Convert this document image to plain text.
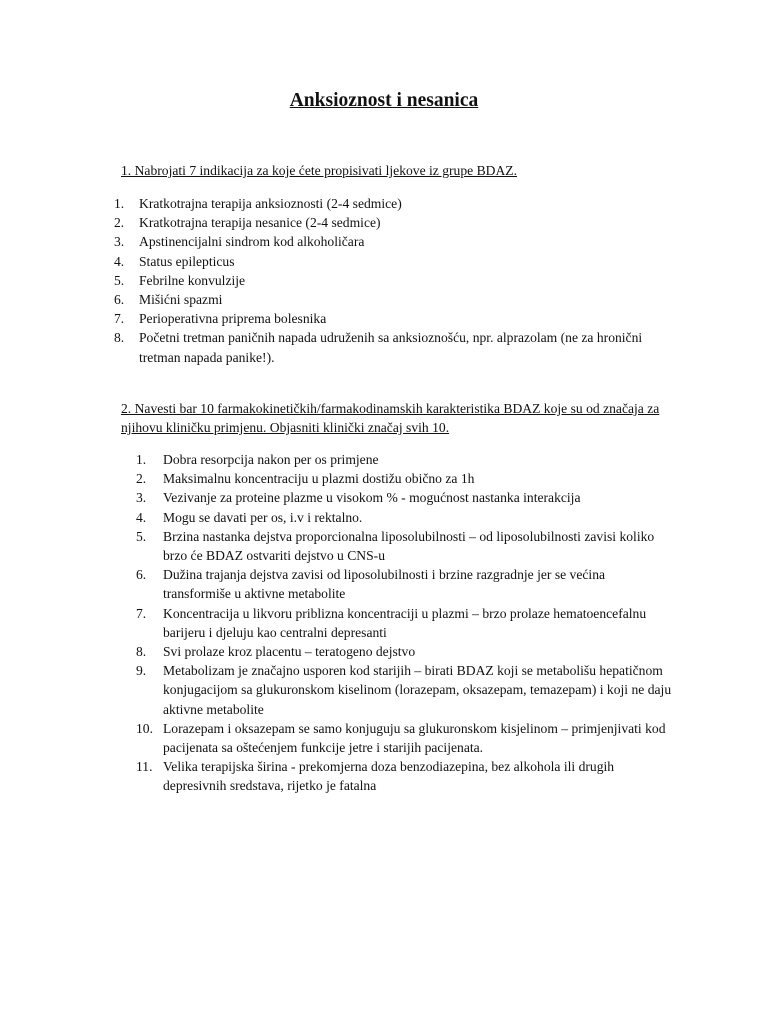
Anksioznost i nesanica

1. Nabrojati 7 indikacija za koje ćete propisivati ljekove iz grupe BDAZ.

1. Kratkotrajna terapija anksioznosti (2-4 sedmice)
2. Kratkotrajna terapija nesanice (2-4 sedmice)
3. Apstinencijalni sindrom kod alkoholičara
4. Status epilepticus
5. Febrilne konvulzije
6. Mišićni spazmi
7. Perioperativna priprema bolesnika
8. Početni tretman paničnih napada udruženih sa anksioznošću, npr. alprazolam (ne za hronični tretman napada panike!).

2. Navesti bar 10 farmakokinetičkih/farmakodinamskih karakteristika BDAZ koje su od značaja za njihovu kliničku primjenu. Objasniti klinički značaj svih 10.

1. Dobra resorpcija nakon per os primjene
2. Maksimalnu koncentraciju u plazmi dostižu obično za 1h
3. Vezivanje za proteine plazme u visokom % - mogućnost nastanka interakcija
4. Mogu se davati per os, i.v i rektalno.
5. Brzina nastanka dejstva proporcionalna liposolubilnosti – od liposolubilnosti zavisi koliko brzo će BDAZ ostvariti dejstvo u CNS-u
6. Dužina trajanja dejstva zavisi od liposolubilnosti i brzine razgradnje jer se većina transformiše u aktivne metabolite
7. Koncentracija u likvoru priblizna koncentraciji u plazmi – brzo prolaze hematoencefalnu barijeru i djeluju kao centralni depresanti
8. Svi prolaze kroz placentu – teratogeno dejstvo
9. Metabolizam je značajno usporen kod starijih – birati BDAZ koji se metabolišu hepatičnom konjugacijom sa glukuronskom kiselinom (lorazepam, oksazepam, temazepam) i koji ne daju aktivne metabolite
10. Lorazepam i oksazepam se samo konjuguju sa glukuronskom kisjelinom – primjenjivati kod pacijenata sa oštećenjem funkcije jetre i starijih pacijenata.
11. Velika terapijska širina - prekomjerna doza benzodiazepina, bez alkohola ili drugih depresivnih sredstava, rijetko je fatalna
